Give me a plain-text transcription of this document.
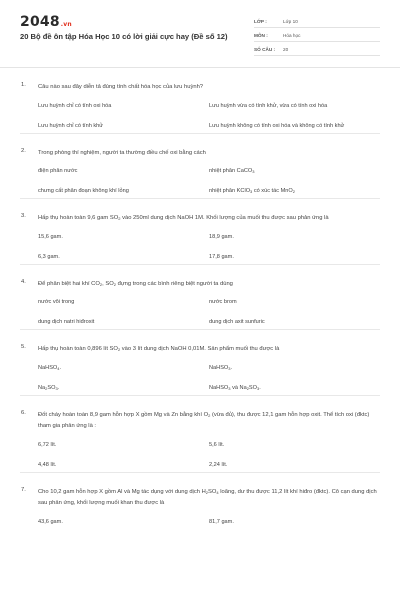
2048.vn
20 Bộ đề ôn tập Hóa Học 10 có lời giải cực hay (Đề số 12)
LỚP :	Lớp 10
MÔN :	Hóa học
SỐ CÂU :	20
1. Câu nào sau đây diễn tả đúng tính chất hóa học của lưu huỳnh?
Lưu huỳnh chỉ có tính oxi hóa	Lưu huỳnh vừa có tính khử, vừa có tính oxi hóa
Lưu huỳnh chỉ có tính khử	Lưu huỳnh không có tính oxi hóa và không có tính khử
2. Trong phòng thí nghiệm, người ta thường điều chế oxi bằng cách
điện phân nước	nhiệt phân CaCO$_3$
chưng cất phân đoạn không khí lỏng	nhiệt phân KClO$_3$ có xúc tác MnO$_2$
3. Hấp thụ hoàn toàn 9,6 gam $SO_2$ vào 250ml dung dịch NaOH 1M. Khối lượng của muối thu được sau phản ứng là
15,6 gam.	18,9 gam.
6,3 gam.	17,8 gam.
4. Để phân biệt hai khí $CO_2$, $SO_2$ đựng trong các bình riêng biệt người ta dùng
nước vôi trong	nước brom
dung dịch natri hiđroxit	dung dịch axit sunfuric
5. Hấp thụ hoàn toàn 0,896 lít $SO_2$ vào 3 lít dung dịch NaOH 0,01M. Sản phẩm muối thu được là
NaHSO$_4$.	NaHSO$_3$.
$Na_2SO_3$.	NaHSO$_3$ và $Na_2SO_3$.
6. Đốt cháy hoàn toàn 8,9 gam hỗn hợp X gồm Mg và Zn bằng khí $O_2$ (vừa đủ), thu được 12,1 gam hỗn hợp oxit. Thể tích oxi (đktc) tham gia phản ứng là :
6,72 lít.	5,6 lít.
4,48 lít.	2,24 lít.
7. Cho 10,2 gam hỗn hợp X gồm Al và Mg tác dụng với dung dịch $H_2SO_4$ loãng, dư thu được 11,2 lít khí hiđro (đktc). Cô cạn dung dịch sau phản ứng, khối lượng muối khan thu được là
43,6 gam.	81,7 gam.
